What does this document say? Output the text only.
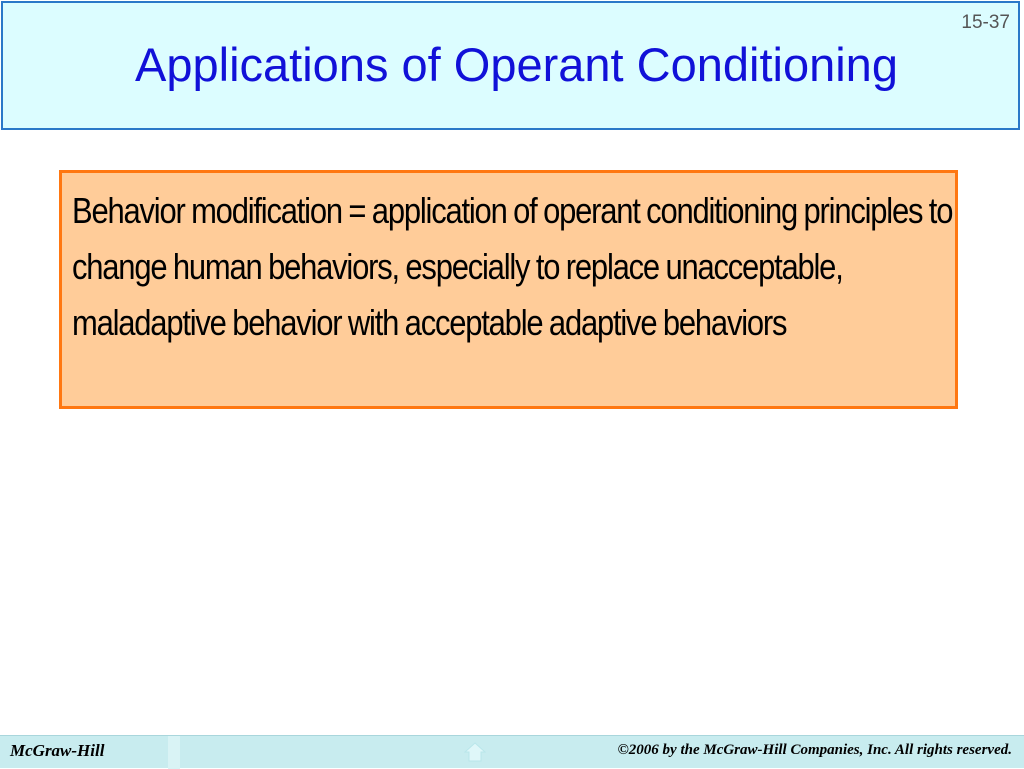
15-37
Applications of Operant Conditioning
Behavior modification = application of operant conditioning principles to change human behaviors, especially to replace unacceptable, maladaptive behavior with acceptable adaptive behaviors
McGraw-Hill	©2006 by the McGraw-Hill Companies, Inc. All rights reserved.
